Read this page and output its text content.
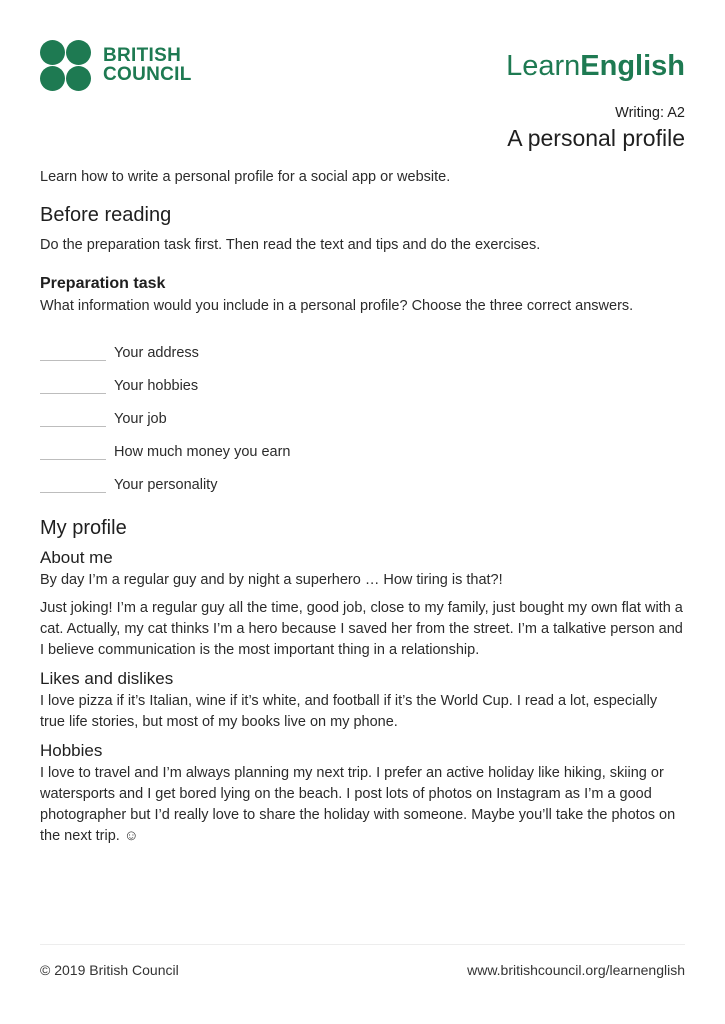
BRITISH
COUNCIL	LearnEnglish
Writing: A2
A personal profile

Learn how to write a personal profile for a social app or website.

Before reading

Do the preparation task first. Then read the text and tips and do the exercises.

Preparation task

What information would you include in a personal profile? Choose the three correct answers.

Your address
Your hobbies
Your job
How much money you earn
Your personality
My profile
About me

By day I’m a regular guy and by night a superhero … How tiring is that?!

Just joking! I’m a regular guy all the time, good job, close to my family, just bought my own flat with a cat. Actually, my cat thinks I’m a hero because I saved her from the street. I’m a talkative person and I believe communication is the most important thing in a relationship.

Likes and dislikes

I love pizza if it’s Italian, wine if it’s white, and football if it’s the World Cup. I read a lot, especially true life stories, but most of my books live on my phone.

Hobbies

I love to travel and I’m always planning my next trip. I prefer an active holiday like hiking, skiing or watersports and I get bored lying on the beach. I post lots of photos on Instagram as I’m a good photographer but I’d really love to share the holiday with someone. Maybe you’ll take the photos on the next trip. ☺

© 2019 British Council	www.britishcouncil.org/learnenglish
